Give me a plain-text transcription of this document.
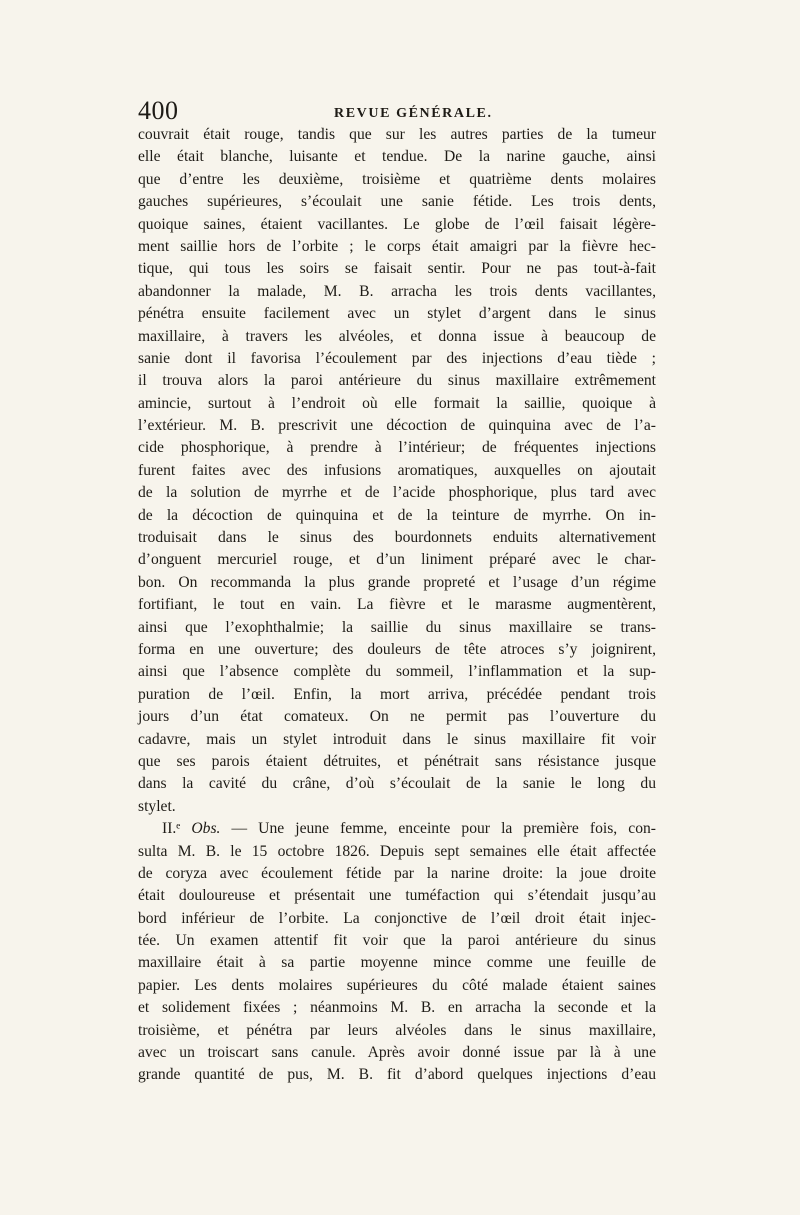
400	REVUE GÉNÉRALE.
couvrait était rouge, tandis que sur les autres parties de la tumeur
elle était blanche, luisante et tendue. De la narine gauche, ainsi
que d’entre les deuxième, troisième et quatrième dents molaires
gauches supérieures, s’écoulait une sanie fétide. Les trois dents,
quoique saines, étaient vacillantes. Le globe de l’œil faisait légère-
ment saillie hors de l’orbite ; le corps était amaigri par la fièvre hec-
tique, qui tous les soirs se faisait sentir. Pour ne pas tout-à-fait
abandonner la malade, M. B. arracha les trois dents vacillantes,
pénétra ensuite facilement avec un stylet d’argent dans le sinus
maxillaire, à travers les alvéoles, et donna issue à beaucoup de
sanie dont il favorisa l’écoulement par des injections d’eau tiède ;
il trouva alors la paroi antérieure du sinus maxillaire extrêmement
amincie, surtout à l’endroit où elle formait la saillie, quoique à
l’extérieur. M. B. prescrivit une décoction de quinquina avec de l’a-
cide phosphorique, à prendre à l’intérieur; de fréquentes injections
furent faites avec des infusions aromatiques, auxquelles on ajoutait
de la solution de myrrhe et de l’acide phosphorique, plus tard avec
de la décoction de quinquina et de la teinture de myrrhe. On in-
troduisait dans le sinus des bourdonnets enduits alternativement
d’onguent mercuriel rouge, et d’un liniment préparé avec le char-
bon. On recommanda la plus grande propreté et l’usage d’un régime
fortifiant, le tout en vain. La fièvre et le marasme augmentèrent,
ainsi que l’exophthalmie; la saillie du sinus maxillaire se trans-
forma en une ouverture; des douleurs de tête atroces s’y joignirent,
ainsi que l’absence complète du sommeil, l’inflammation et la sup-
puration de l’œil. Enfin, la mort arriva, précédée pendant trois
jours d’un état comateux. On ne permit pas l’ouverture du
cadavre, mais un stylet introduit dans le sinus maxillaire fit voir
que ses parois étaient détruites, et pénétrait sans résistance jusque
dans la cavité du crâne, d’où s’écoulait de la sanie le long du
stylet.
II.ᵉ Obs. — Une jeune femme, enceinte pour la première fois, con-
sulta M. B. le 15 octobre 1826. Depuis sept semaines elle était affectée
de coryza avec écoulement fétide par la narine droite: la joue droite
était douloureuse et présentait une tuméfaction qui s’étendait jusqu’au
bord inférieur de l’orbite. La conjonctive de l’œil droit était injec-
tée. Un examen attentif fit voir que la paroi antérieure du sinus
maxillaire était à sa partie moyenne mince comme une feuille de
papier. Les dents molaires supérieures du côté malade étaient saines
et solidement fixées ; néanmoins M. B. en arracha la seconde et la
troisième, et pénétra par leurs alvéoles dans le sinus maxillaire,
avec un troiscart sans canule. Après avoir donné issue par là à une
grande quantité de pus, M. B. fit d’abord quelques injections d’eau
